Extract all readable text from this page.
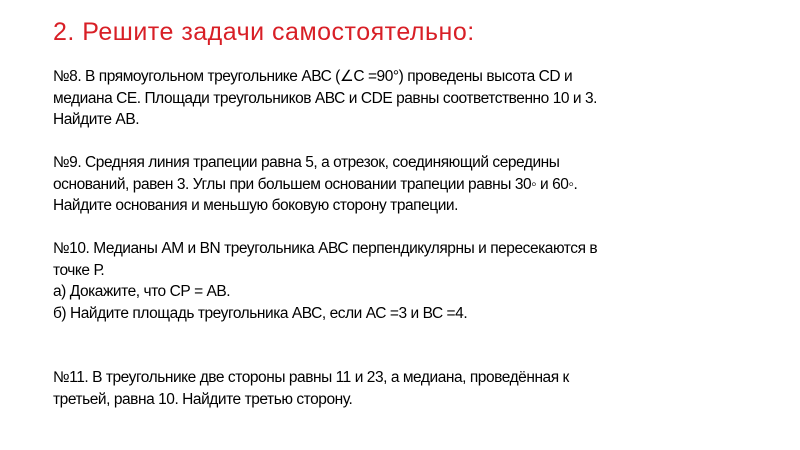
2. Решите задачи самостоятельно:

№8. В прямоугольном треугольнике АВС (∠С =90°) проведены высота CD и

медиана СЕ. Площади треугольников АВС и CDE равны соответственно 10 и 3.

Найдите АВ.

№9. Средняя линия трапеции равна 5, а отрезок, соединяющий середины

оснований, равен 3. Углы при большем основании трапеции равны 30◦ и 60◦.

Найдите основания и меньшую боковую сторону трапеции.

№10. Медианы АМ и BN треугольника АВС перпендикулярны и пересекаются в

точке Р.

а) Докажите, что СР = АВ.

б) Найдите площадь треугольника АВС, если АС =3 и ВС =4.

№11. В треугольнике две стороны равны 11 и 23, а медиана, проведённая к

третьей, равна 10. Найдите третью сторону.
